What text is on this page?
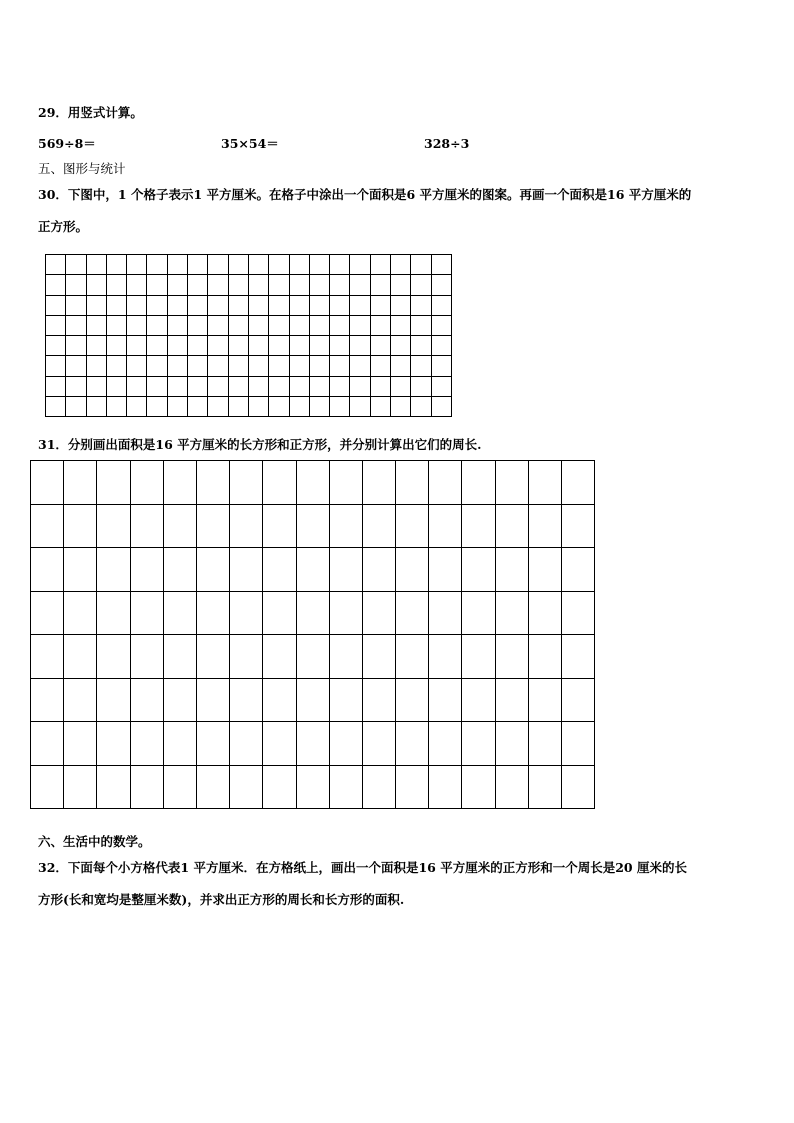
29．用竖式计算。
569÷8＝	35×54＝	328÷3
五、图形与统计
30．下图中，1 个格子表示1 平方厘米。在格子中涂出一个面积是6 平方厘米的图案。再画一个面积是16 平方厘米的
正方形。

31．分别画出面积是16 平方厘米的长方形和正方形，并分别计算出它们的周长.

六、生活中的数学。
32．下面每个小方格代表1 平方厘米．在方格纸上，画出一个面积是16 平方厘米的正方形和一个周长是20 厘米的长
方形(长和宽均是整厘米数)，并求出正方形的周长和长方形的面积.
